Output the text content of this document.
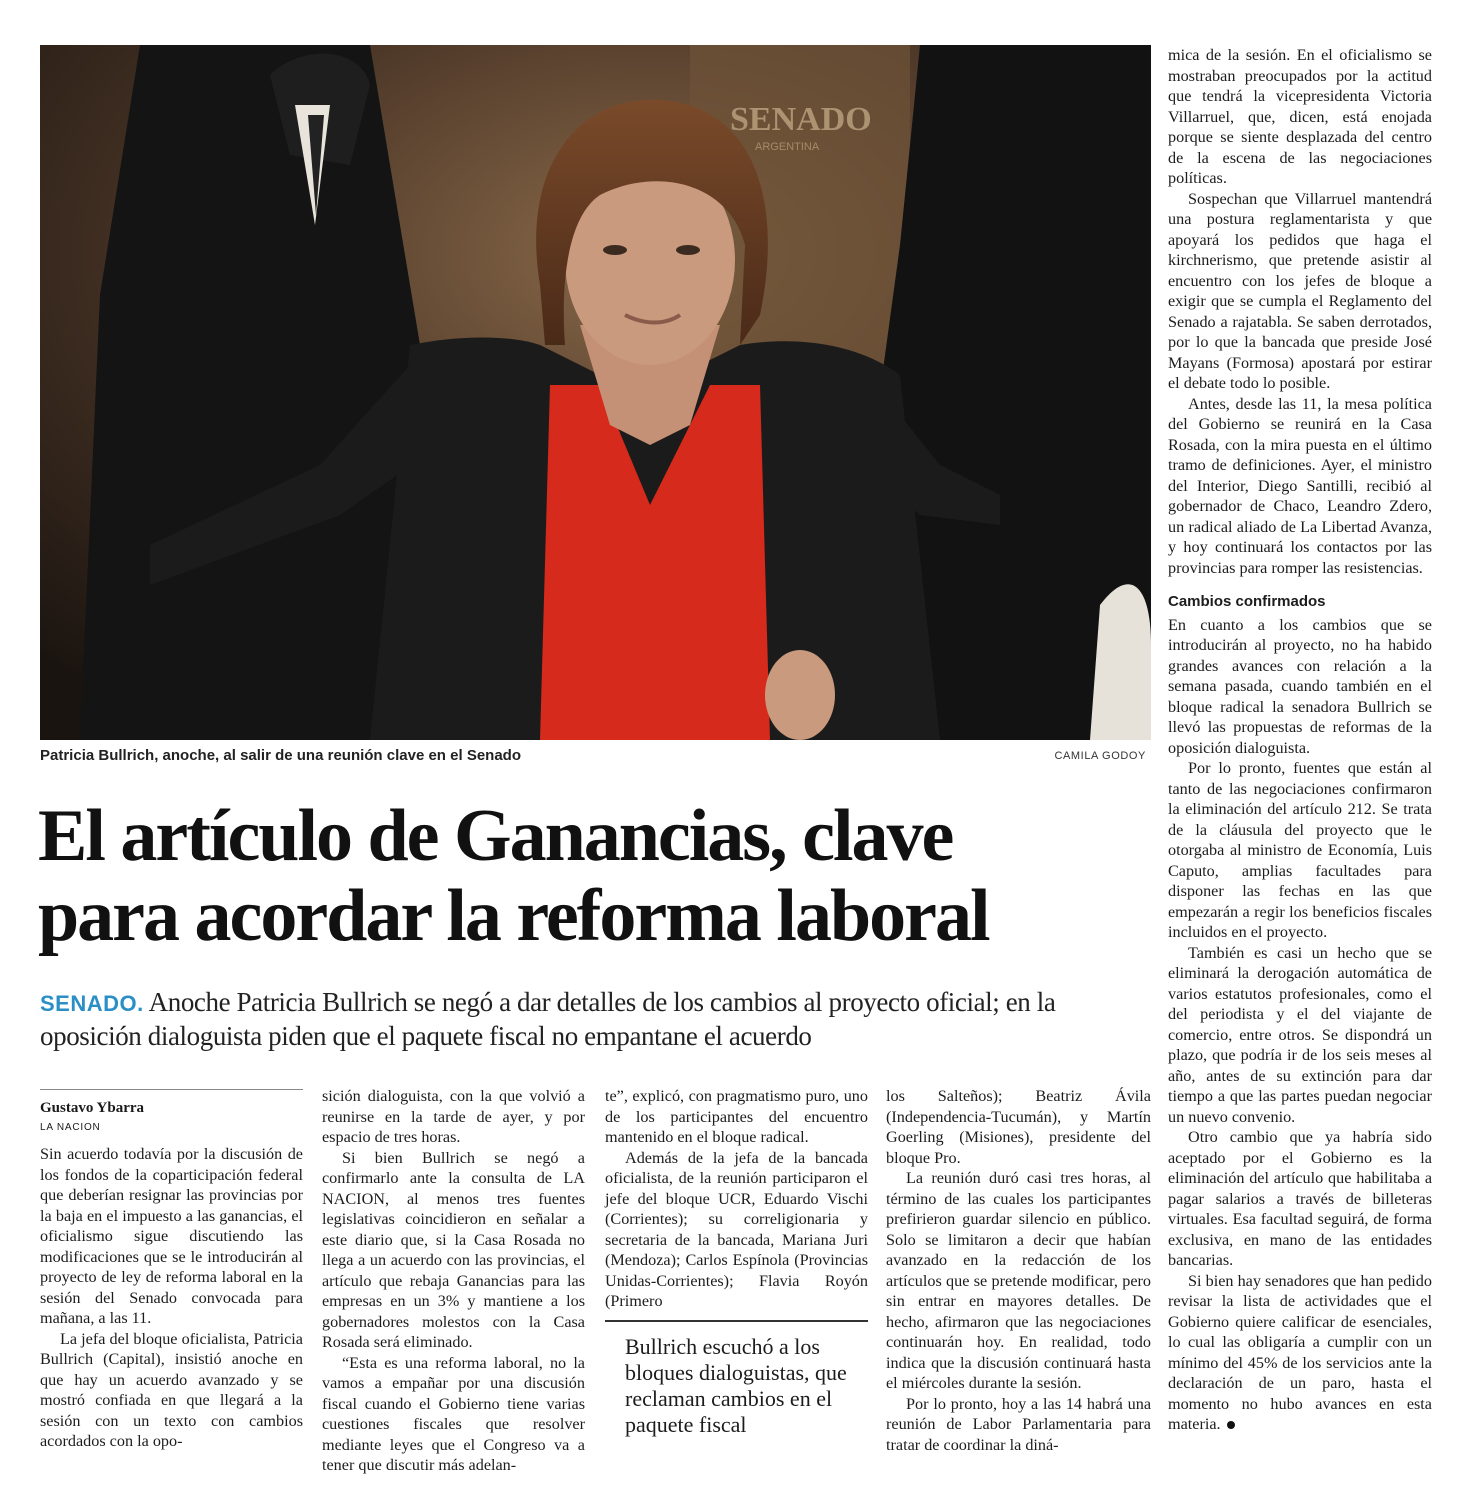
SENADO
ARGENTINA
Patricia Bullrich, anoche, al salir de una reunión clave en el Senado	CAMILA GODOY
El artículo de Ganancias, clave
para acordar la reforma laboral

SENADO. Anoche Patricia Bullrich se negó a dar detalles de los cambios al proyecto oficial; en la oposición dialoguista piden que el paquete fiscal no empantane el acuerdo

Gustavo Ybarra
LA NACION

Sin acuerdo todavía por la discusión de los fondos de la coparticipación federal que deberían resignar las provincias por la baja en el impuesto a las ganancias, el oficialismo sigue discutiendo las modificaciones que se le introducirán al proyecto de ley de reforma laboral en la sesión del Senado convocada para mañana, a las 11.

La jefa del bloque oficialista, Patricia Bullrich (Capital), insistió anoche en que hay un acuerdo avanzado y se mostró confiada en que llegará a la sesión con un texto con cambios acordados con la opo-

sición dialoguista, con la que volvió a reunirse en la tarde de ayer, y por espacio de tres horas.

Si bien Bullrich se negó a confirmarlo ante la consulta de LA NACION, al menos tres fuentes legislativas coincidieron en señalar a este diario que, si la Casa Rosada no llega a un acuerdo con las provincias, el artículo que rebaja Ganancias para las empresas en un 3% y mantiene a los gobernadores molestos con la Casa Rosada será eliminado.

“Esta es una reforma laboral, no la vamos a empañar por una discusión fiscal cuando el Gobierno tiene varias cuestiones fiscales que resolver mediante leyes que el Congreso va a tener que discutir más adelan-

te”, explicó, con pragmatismo puro, uno de los participantes del encuentro mantenido en el bloque radical.

Además de la jefa de la bancada oficialista, de la reunión participaron el jefe del bloque UCR, Eduardo Vischi (Corrientes); su correligionaria y secretaria de la bancada, Mariana Juri (Mendoza); Carlos Espínola (Provincias Unidas-Corrientes); Flavia Royón (Primero

Bullrich escuchó a los bloques dialoguistas, que reclaman cambios en el paquete fiscal

los Salteños); Beatriz Ávila (Independencia-Tucumán), y Martín Goerling (Misiones), presidente del bloque Pro.

La reunión duró casi tres horas, al término de las cuales los participantes prefirieron guardar silencio en público. Solo se limitaron a decir que habían avanzado en la redacción de los artículos que se pretende modificar, pero sin entrar en mayores detalles. De hecho, afirmaron que las negociaciones continuarán hoy. En realidad, todo indica que la discusión continuará hasta el miércoles durante la sesión.

Por lo pronto, hoy a las 14 habrá una reunión de Labor Parlamentaria para tratar de coordinar la diná-

mica de la sesión. En el oficialismo se mostraban preocupados por la actitud que tendrá la vicepresidenta Victoria Villarruel, que, dicen, está enojada porque se siente desplazada del centro de la escena de las negociaciones políticas.

Sospechan que Villarruel mantendrá una postura reglamentarista y que apoyará los pedidos que haga el kirchnerismo, que pretende asistir al encuentro con los jefes de bloque a exigir que se cumpla el Reglamento del Senado a rajatabla. Se saben derrotados, por lo que la bancada que preside José Mayans (Formosa) apostará por estirar el debate todo lo posible.

Antes, desde las 11, la mesa política del Gobierno se reunirá en la Casa Rosada, con la mira puesta en el último tramo de definiciones. Ayer, el ministro del Interior, Diego Santilli, recibió al gobernador de Chaco, Leandro Zdero, un radical aliado de La Libertad Avanza, y hoy continuará los contactos por las provincias para romper las resistencias.

Cambios confirmados

En cuanto a los cambios que se introducirán al proyecto, no ha habido grandes avances con relación a la semana pasada, cuando también en el bloque radical la senadora Bullrich se llevó las propuestas de reformas de la oposición dialoguista.

Por lo pronto, fuentes que están al tanto de las negociaciones confirmaron la eliminación del artículo 212. Se trata de la cláusula del proyecto que le otorgaba al ministro de Economía, Luis Caputo, amplias facultades para disponer las fechas en las que empezarán a regir los beneficios fiscales incluidos en el proyecto.

También es casi un hecho que se eliminará la derogación automática de varios estatutos profesionales, como el del periodista y el del viajante de comercio, entre otros. Se dispondrá un plazo, que podría ir de los seis meses al año, antes de su extinción para dar tiempo a que las partes puedan negociar un nuevo convenio.

Otro cambio que ya habría sido aceptado por el Gobierno es la eliminación del artículo que habilitaba a pagar salarios a través de billeteras virtuales. Esa facultad seguirá, de forma exclusiva, en mano de las entidades bancarias.

Si bien hay senadores que han pedido revisar la lista de actividades que el Gobierno quiere calificar de esenciales, lo cual las obligaría a cumplir con un mínimo del 45% de los servicios ante la declaración de un paro, hasta el momento no hubo avances en esta materia.
